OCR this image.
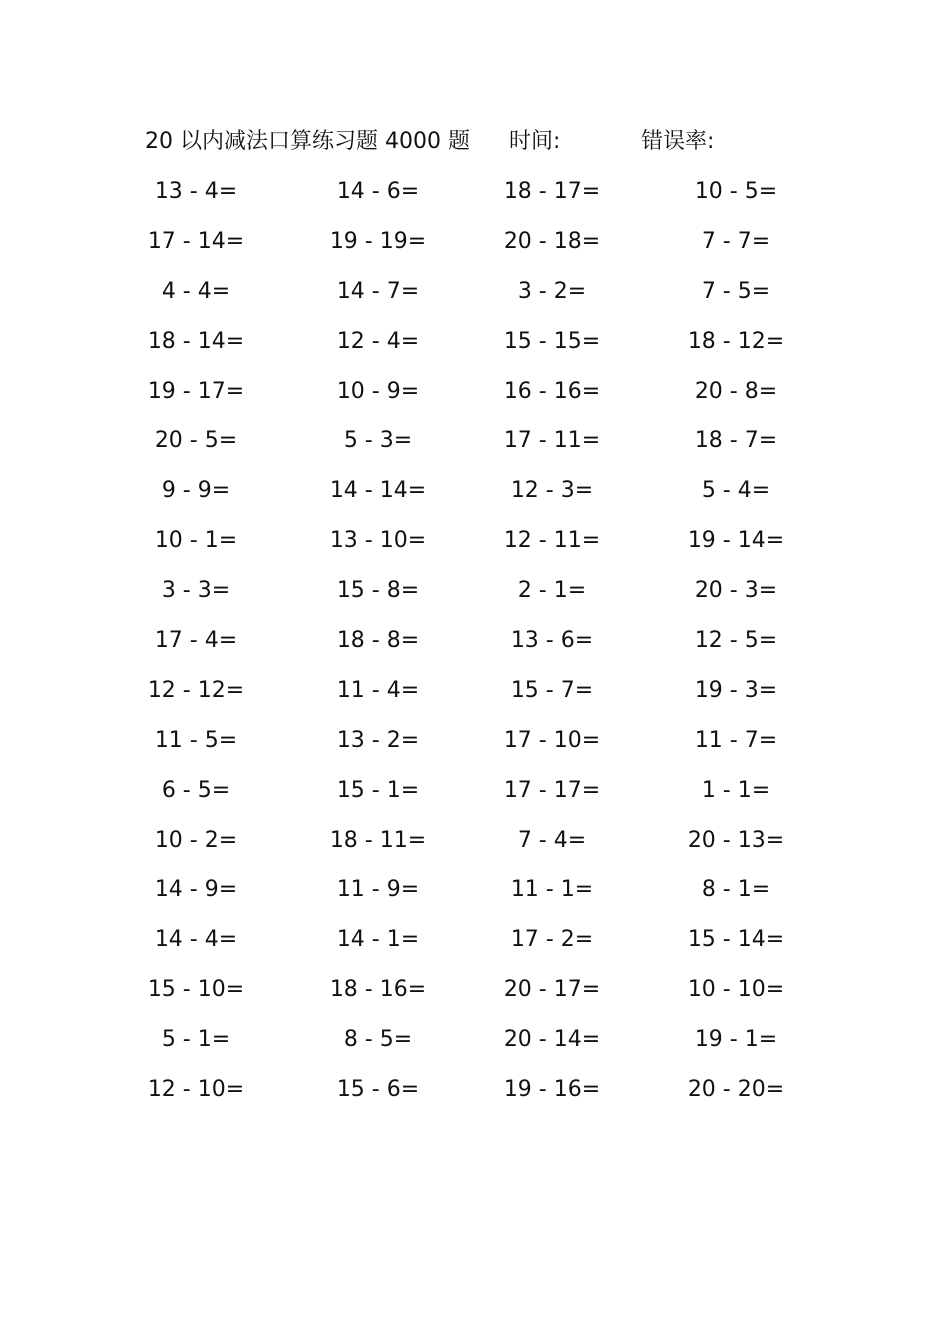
20 以内减法口算练习题 4000 题 时间:	错误率:
13 - 4=	14 - 6=	18 - 17=	10 - 5=
17 - 14=	19 - 19=	20 - 18=	7 - 7=
4 - 4=	14 - 7=	3 - 2=	7 - 5=
18 - 14=	12 - 4=	15 - 15=	18 - 12=
19 - 17=	10 - 9=	16 - 16=	20 - 8=
20 - 5=	5 - 3=	17 - 11=	18 - 7=
9 - 9=	14 - 14=	12 - 3=	5 - 4=
10 - 1=	13 - 10=	12 - 11=	19 - 14=
3 - 3=	15 - 8=	2 - 1=	20 - 3=
17 - 4=	18 - 8=	13 - 6=	12 - 5=
12 - 12=	11 - 4=	15 - 7=	19 - 3=
11 - 5=	13 - 2=	17 - 10=	11 - 7=
6 - 5=	15 - 1=	17 - 17=	1 - 1=
10 - 2=	18 - 11=	7 - 4=	20 - 13=
14 - 9=	11 - 9=	11 - 1=	8 - 1=
14 - 4=	14 - 1=	17 - 2=	15 - 14=
15 - 10=	18 - 16=	20 - 17=	10 - 10=
5 - 1=	8 - 5=	20 - 14=	19 - 1=
12 - 10=	15 - 6=	19 - 16=	20 - 20=
